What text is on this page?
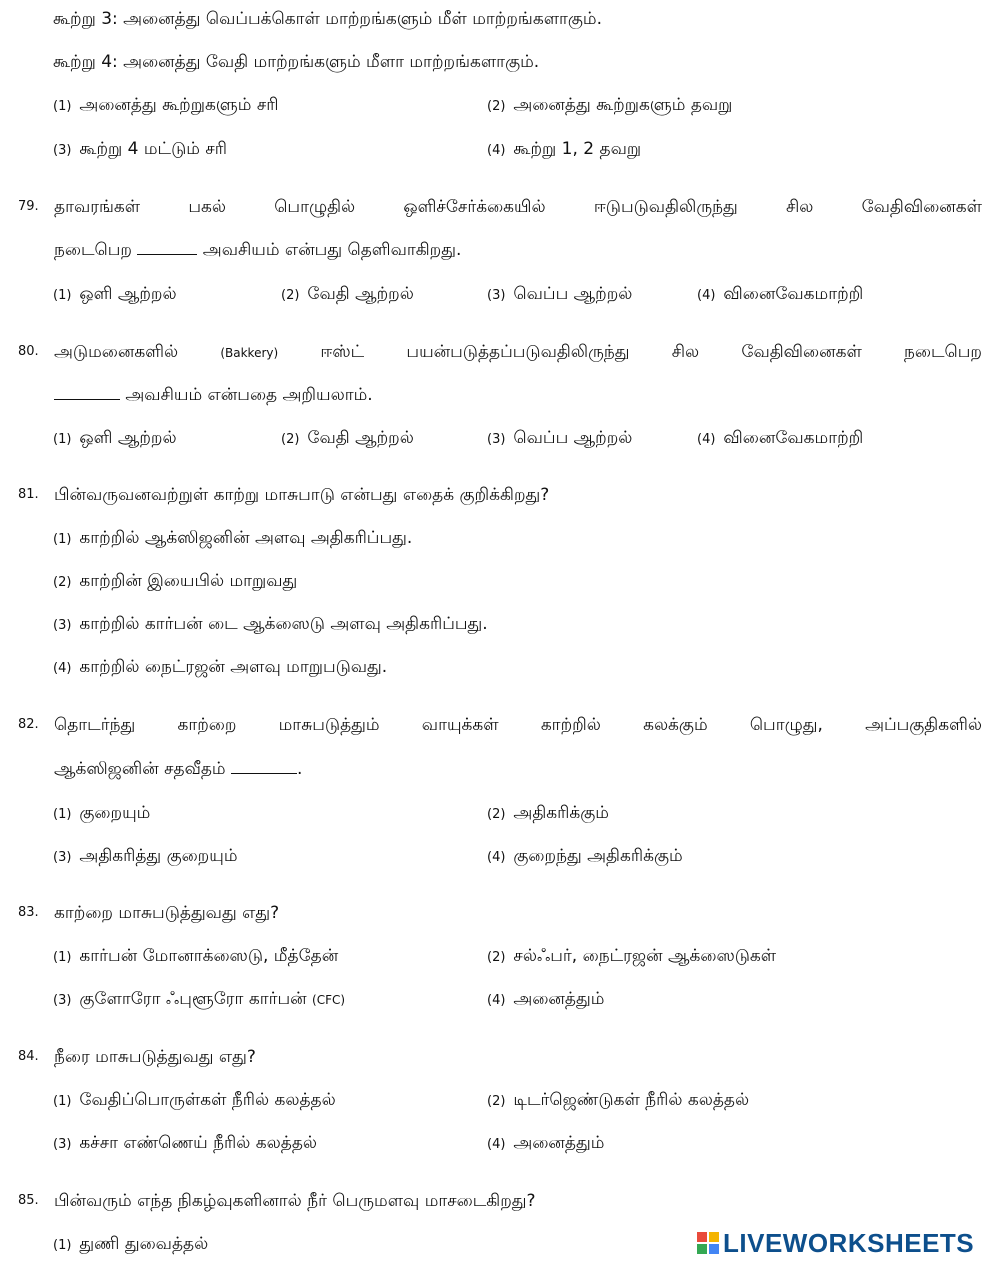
கூற்று 3: அனைத்து வெப்பக்கொள் மாற்றங்களும் மீள் மாற்றங்களாகும்.
கூற்று 4: அனைத்து வேதி மாற்றங்களும் மீளா மாற்றங்களாகும்.
(1) அனைத்து கூற்றுகளும் சரி	(2) அனைத்து கூற்றுகளும் தவறு
(3) கூற்று 4 மட்டும் சரி	(4) கூற்று 1, 2 தவறு
79. தாவரங்கள் பகல் பொழுதில் ஒளிச்சேர்க்கையில் ஈடுபடுவதிலிருந்து சில வேதிவினைகள்
நடைபெற	அவசியம் என்பது தெளிவாகிறது.
(1) ஒளி ஆற்றல்	(2) வேதி ஆற்றல்	(3) வெப்ப ஆற்றல்	(4) வினைவேகமாற்றி
80. அடுமனைகளில்	(Bakkery) ஈஸ்ட் பயன்படுத்தப்படுவதிலிருந்து சில வேதிவினைகள் நடைபெற
அவசியம் என்பதை அறியலாம்.
(1) ஒளி ஆற்றல்	(2) வேதி ஆற்றல்	(3) வெப்ப ஆற்றல்	(4) வினைவேகமாற்றி
81. பின்வருவனவற்றுள் காற்று மாசுபாடு என்பது எதைக் குறிக்கிறது?
(1) காற்றில் ஆக்ஸிஜனின் அளவு அதிகரிப்பது.
(2) காற்றின் இயைபில் மாறுவது
(3) காற்றில் கார்பன் டை ஆக்ஸைடு அளவு அதிகரிப்பது.
(4) காற்றில் நைட்ரஜன் அளவு மாறுபடுவது.
82. தொடர்ந்து காற்றை மாசுபடுத்தும் வாயுக்கள் காற்றில் கலக்கும் பொழுது, அப்பகுதிகளில்
ஆக்ஸிஜனின் சதவீதம்	.
(1) குறையும்	(2) அதிகரிக்கும்
(3) அதிகரித்து குறையும்	(4) குறைந்து அதிகரிக்கும்
83. காற்றை மாசுபடுத்துவது எது?
(1) கார்பன் மோனாக்ஸைடு, மீத்தேன்	(2) சல்ஃபர், நைட்ரஜன் ஆக்ஸைடுகள்
(3) குளோரோ ஃபுளூரோ கார்பன் (CFC)	(4) அனைத்தும்
84. நீரை மாசுபடுத்துவது எது?
(1) வேதிப்பொருள்கள் நீரில் கலத்தல்	(2) டிடர்ஜெண்டுகள் நீரில் கலத்தல்
(3) கச்சா எண்ணெய் நீரில் கலத்தல்	(4) அனைத்தும்
85. பின்வரும் எந்த நிகழ்வுகளினால் நீர் பெருமளவு மாசடைகிறது?
(1) துணி துவைத்தல்	LIVEWORKSHEETS
